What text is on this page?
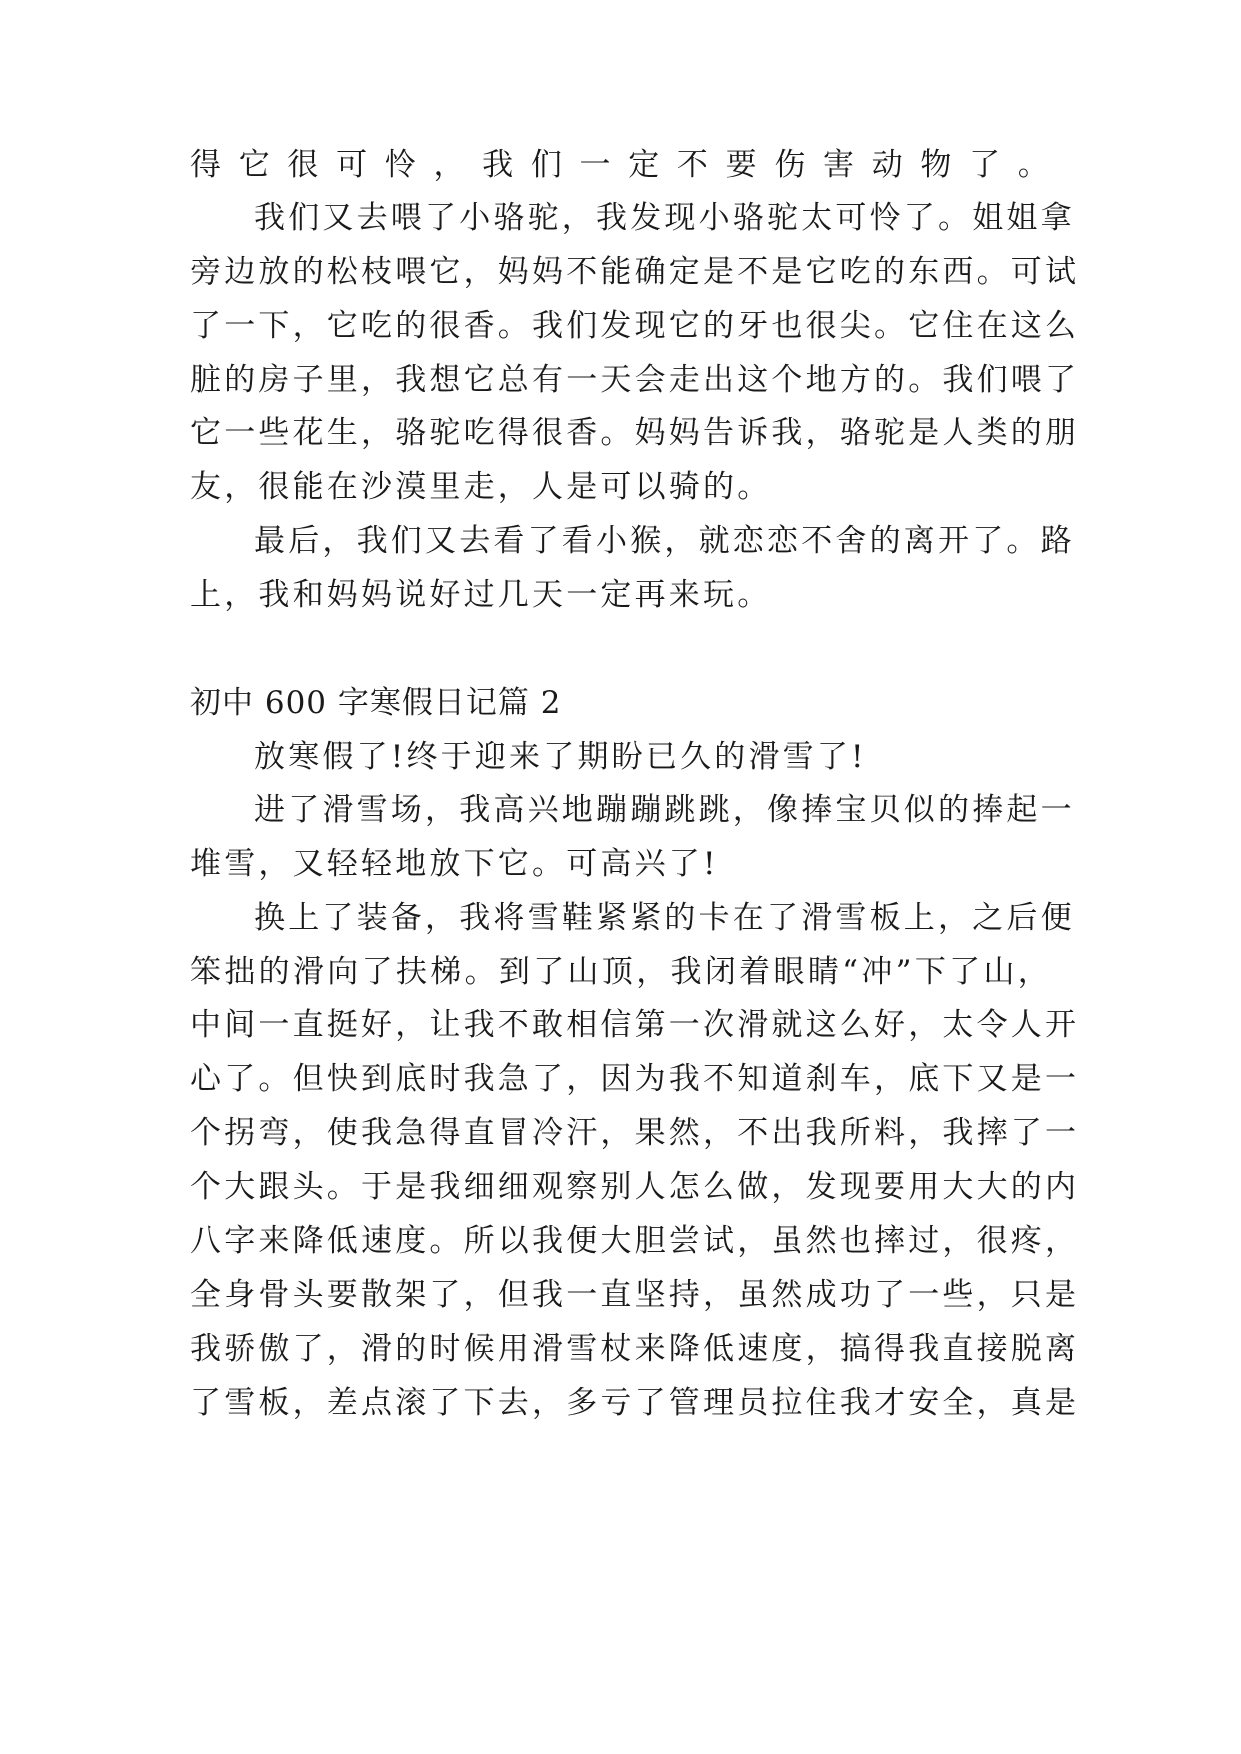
得它很可怜，我们一定不要伤害动物了。
我们又去喂了小骆驼，我发现小骆驼太可怜了。姐姐拿
旁边放的松枝喂它，妈妈不能确定是不是它吃的东西。可试
了一下，它吃的很香。我们发现它的牙也很尖。它住在这么
脏的房子里，我想它总有一天会走出这个地方的。我们喂了
它一些花生，骆驼吃得很香。妈妈告诉我，骆驼是人类的朋
友，很能在沙漠里走，人是可以骑的。
最后，我们又去看了看小猴，就恋恋不舍的离开了。路
上，我和妈妈说好过几天一定再来玩。
初中 600 字寒假日记篇 2
放寒假了!终于迎来了期盼已久的滑雪了!
进了滑雪场，我高兴地蹦蹦跳跳，像捧宝贝似的捧起一
堆雪，又轻轻地放下它。可高兴了!
换上了装备，我将雪鞋紧紧的卡在了滑雪板上，之后便
笨拙的滑向了扶梯。到了山顶，我闭着眼睛“冲”下了山，
中间一直挺好，让我不敢相信第一次滑就这么好，太令人开
心了。但快到底时我急了，因为我不知道刹车，底下又是一
个拐弯，使我急得直冒冷汗，果然，不出我所料，我摔了一
个大跟头。于是我细细观察别人怎么做，发现要用大大的内
八字来降低速度。所以我便大胆尝试，虽然也摔过，很疼，
全身骨头要散架了，但我一直坚持，虽然成功了一些，只是
我骄傲了，滑的时候用滑雪杖来降低速度，搞得我直接脱离
了雪板，差点滚了下去，多亏了管理员拉住我才安全，真是
